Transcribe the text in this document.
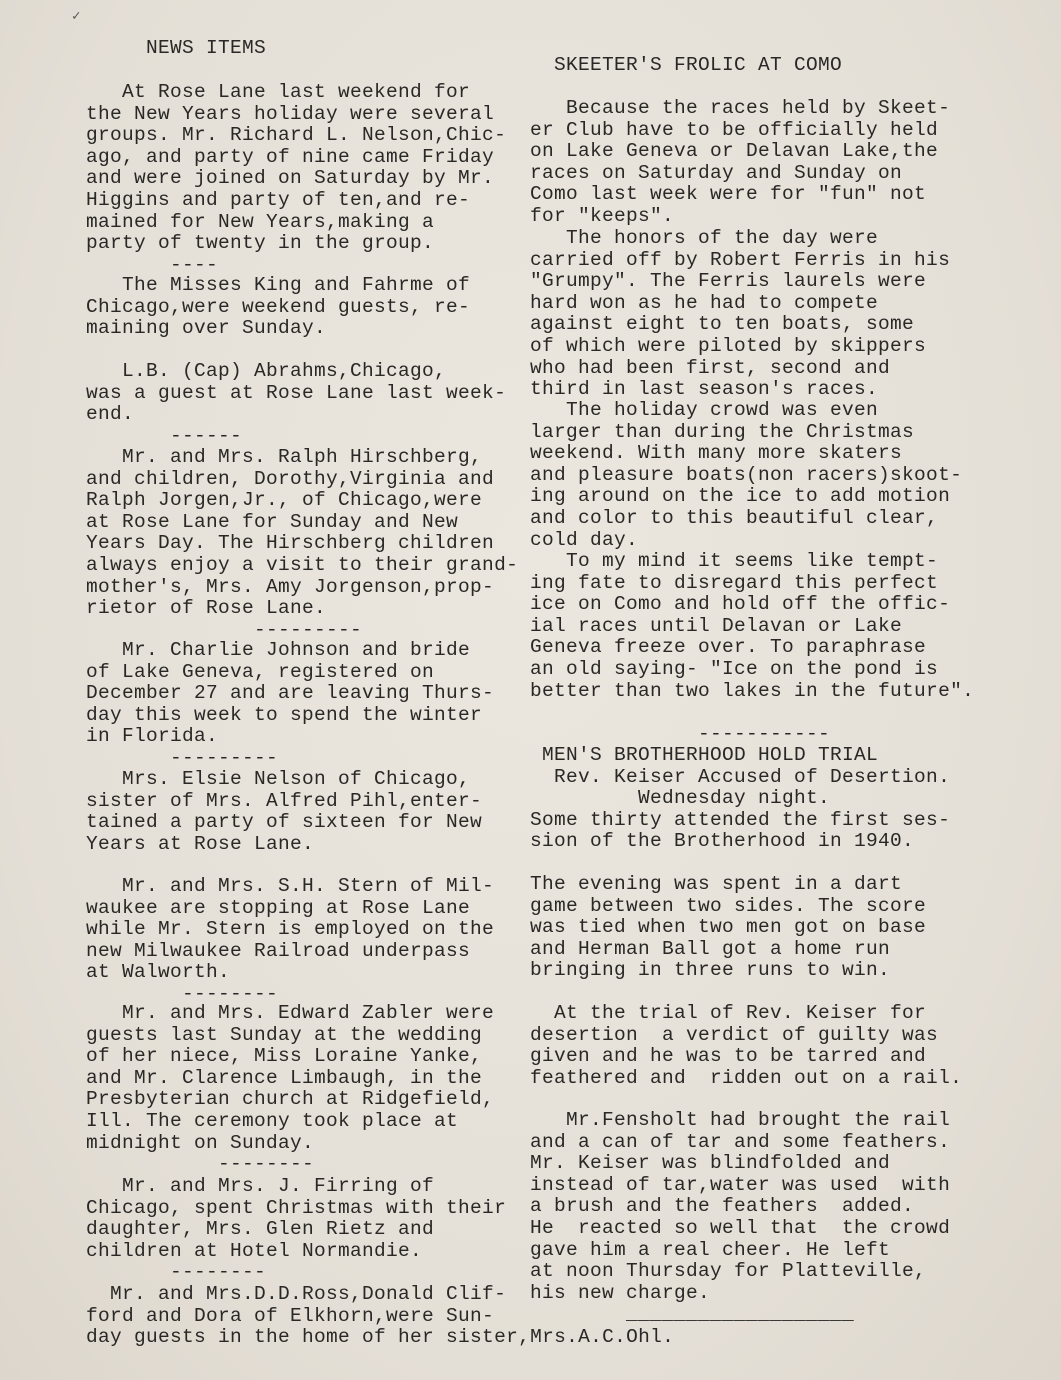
✓
NEWS ITEMS
At Rose Lane last weekend for
the New Years holiday were several
groups. Mr. Richard L. Nelson,Chic-
ago, and party of nine came Friday
and were joined on Saturday by Mr.
Higgins and party of ten,and re-
mained for New Years,making a
party of twenty in the group.
----
The Misses King and Fahrme of
Chicago,were weekend guests, re-
maining over Sunday.
L.B. (Cap) Abrahms,Chicago,
was a guest at Rose Lane last week-
end.
------
Mr. and Mrs. Ralph Hirschberg,
and children, Dorothy,Virginia and
Ralph Jorgen,Jr., of Chicago,were
at Rose Lane for Sunday and New
Years Day. The Hirschberg children
always enjoy a visit to their grand-
mother's, Mrs. Amy Jorgenson,prop-
rietor of Rose Lane.
---------
Mr. Charlie Johnson and bride
of Lake Geneva, registered on
December 27 and are leaving Thurs-
day this week to spend the winter
in Florida.
---------
Mrs. Elsie Nelson of Chicago,
sister of Mrs. Alfred Pihl,enter-
tained a party of sixteen for New
Years at Rose Lane.
Mr. and Mrs. S.H. Stern of Mil-
waukee are stopping at Rose Lane
while Mr. Stern is employed on the
new Milwaukee Railroad underpass
at Walworth.
--------
Mr. and Mrs. Edward Zabler were
guests last Sunday at the wedding
of her niece, Miss Loraine Yanke,
and Mr. Clarence Limbaugh, in the
Presbyterian church at Ridgefield,
Ill. The ceremony took place at
midnight on Sunday.
--------
Mr. and Mrs. J. Firring of
Chicago, spent Christmas with their
daughter, Mrs. Glen Rietz and
children at Hotel Normandie.
--------
Mr. and Mrs.D.D.Ross,Donald Clif-
ford and Dora of Elkhorn,were Sun-
day guests in the home of her sister,Mrs.A.C.Ohl.
SKEETER'S FROLIC AT COMO
Because the races held by Skeet-
er Club have to be officially held
on Lake Geneva or Delavan Lake,the
races on Saturday and Sunday on
Como last week were for "fun" not
for "keeps".
The honors of the day were
carried off by Robert Ferris in his
"Grumpy". The Ferris laurels were
hard won as he had to compete
against eight to ten boats, some
of which were piloted by skippers
who had been first, second and
third in last season's races.
The holiday crowd was even
larger than during the Christmas
weekend. With many more skaters
and pleasure boats(non racers)skoot-
ing around on the ice to add motion
and color to this beautiful clear,
cold day.
To my mind it seems like tempt-
ing fate to disregard this perfect
ice on Como and hold off the offic-
ial races until Delavan or Lake
Geneva freeze over. To paraphrase
an old saying- "Ice on the pond is
better than two lakes in the future".
-----------
MEN'S BROTHERHOOD HOLD TRIAL
Rev. Keiser Accused of Desertion.
Wednesday night.
Some thirty attended the first ses-
sion of the Brotherhood in 1940.
The evening was spent in a dart
game between two sides. The score
was tied when two men got on base
and Herman Ball got a home run
bringing in three runs to win.
At the trial of Rev. Keiser for
desertion  a verdict of guilty was
given and he was to be tarred and
feathered and  ridden out on a rail.
Mr.Fensholt had brought the rail
and a can of tar and some feathers.
Mr. Keiser was blindfolded and
instead of tar,water was used  with
a brush and the feathers  added.
He  reacted so well that  the crowd
gave him a real cheer. He left
at noon Thursday for Platteville,
his new charge.
___________________
